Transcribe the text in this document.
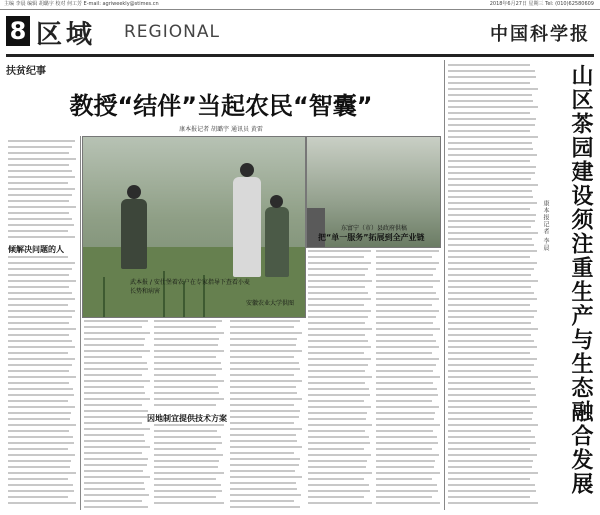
主编 李晨 编辑 胡璐宇 校对 何工芳 E-mail: agriweekly@stimes.cn	2018年6月27日 星期三 Tel: (010)62580609
8 区域 REGIONAL	中国科学报
扶贫纪事
教授“结伴”当起农民“智囊”
康本报记者 胡璐宇 通讯员 黄雷
武本报 / 安仕堡着农户在专家指导下查看小麦长势和病害
东富宁（市）县政府供稿
安徽农业大学供图
倾解决问题的人
把“单一服务”拓展到全产业链
因地制宜提供技术方案	山区茶园建设须注重生产与生态融合发展
康本报记者 李晨
